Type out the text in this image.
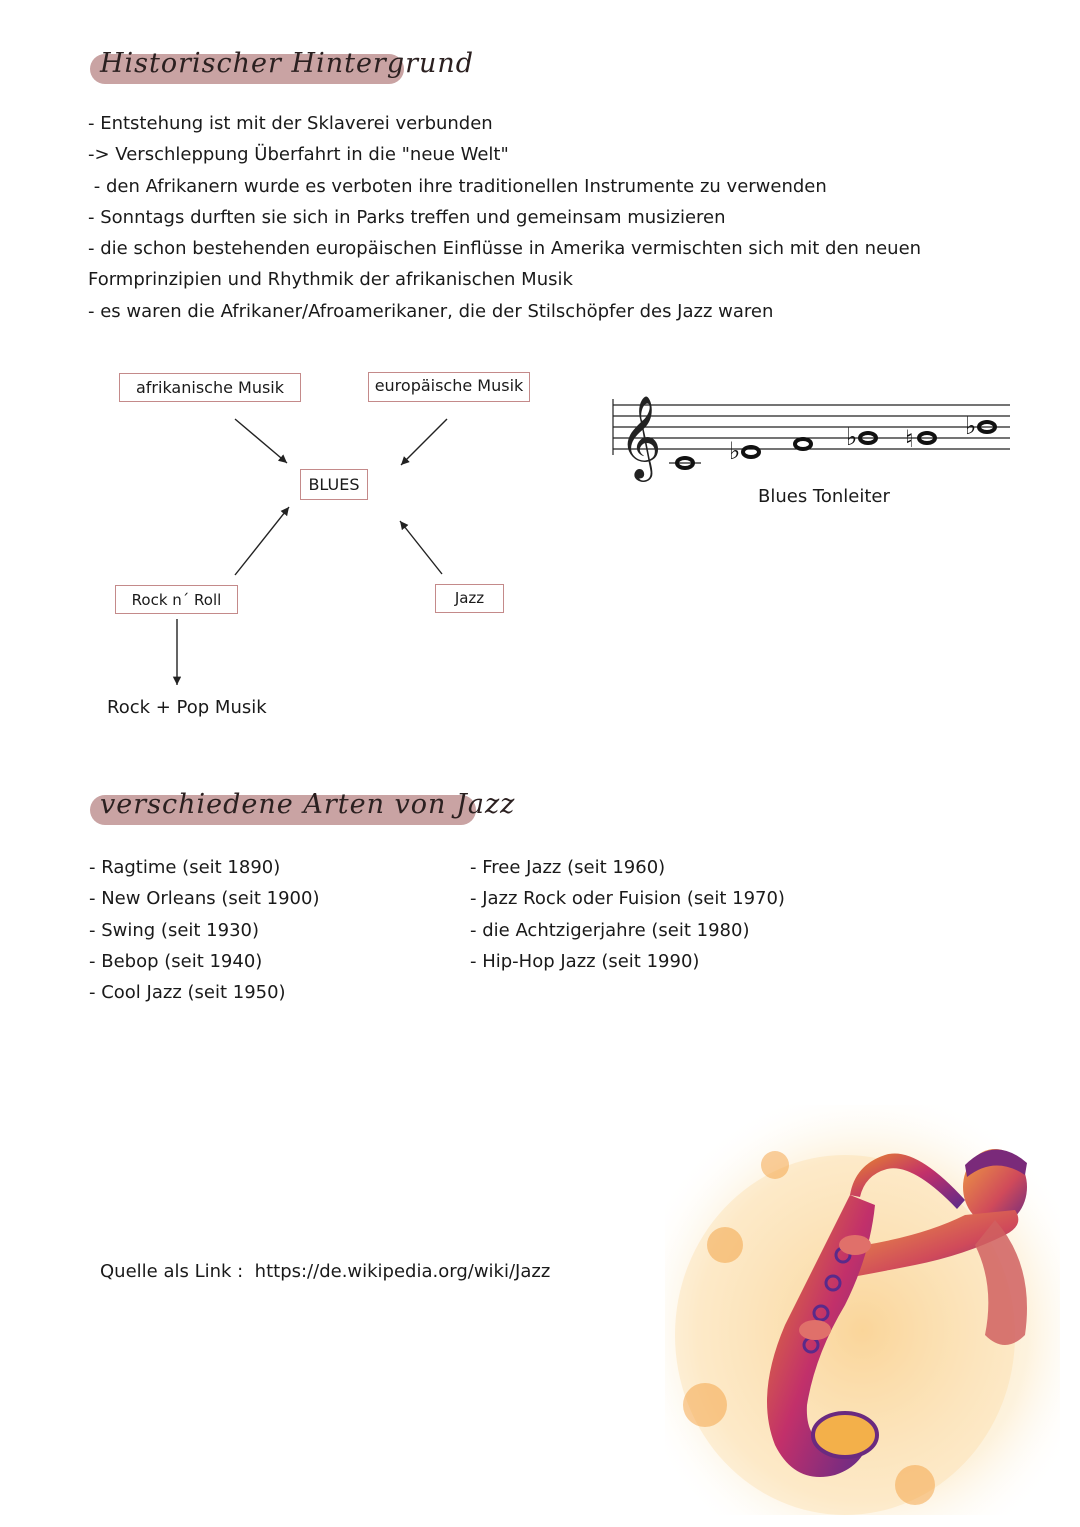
Historischer Hintergrund
- Entstehung ist mit der Sklaverei verbunden
-> Verschleppung Überfahrt in die "neue Welt"
- den Afrikanern wurde es verboten ihre traditionellen Instrumente zu verwenden
- Sonntags durften sie sich in Parks treffen und gemeinsam musizieren
- die schon bestehenden europäischen Einflüsse in Amerika vermischten sich mit den neuen
Formprinzipien und Rhythmik der afrikanischen Musik
- es waren die Afrikaner/Afroamerikaner, die der Stilschöpfer des Jazz waren
afrikanische Musik	europäische Musik
BLUES
Rock n´ Roll	Jazz
Rock + Pop Musik
𝄞	♭	♭ ♮ ♭
Blues Tonleiter
verschiedene Arten von Jazz
- Ragtime (seit 1890)
- New Orleans (seit 1900)
- Swing (seit 1930)
- Bebop (seit 1940)
- Cool Jazz (seit 1950)
- Free Jazz (seit 1960)
- Jazz Rock oder Fuision (seit 1970)
- die Achtzigerjahre (seit 1980)
- Hip-Hop Jazz (seit 1990)
Quelle als Link :  https://de.wikipedia.org/wiki/Jazz
